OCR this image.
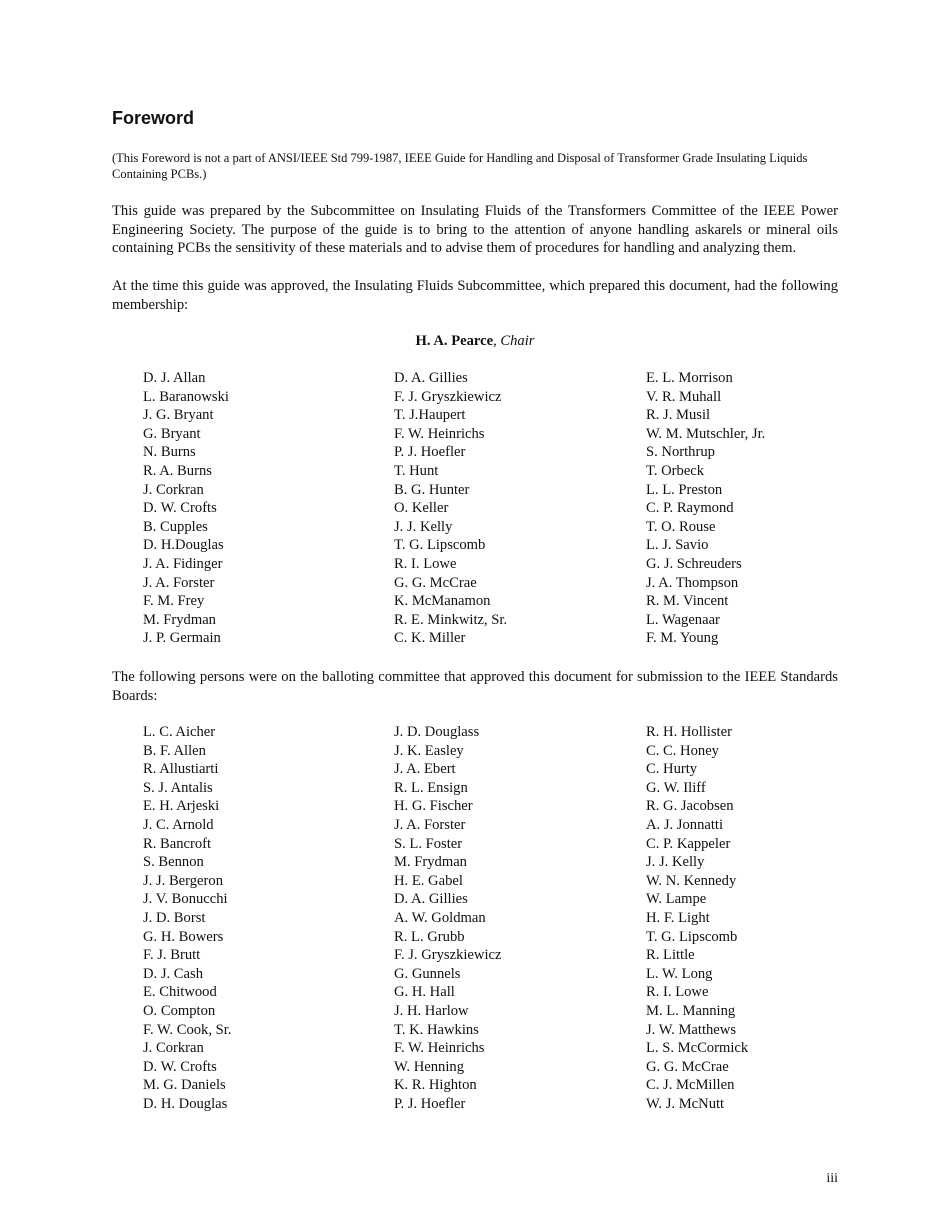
Foreword

(This Foreword is not a part of ANSI/IEEE Std 799-1987, IEEE Guide for Handling and Disposal of Transformer Grade Insulating Liquids Containing PCBs.)

This guide was prepared by the Subcommittee on Insulating Fluids of the Transformers Committee of the IEEE Power Engineering Society. The purpose of the guide is to bring to the attention of anyone handling askarels or mineral oils containing PCBs the sensitivity of these materials and to advise them of procedures for handling and analyzing them.

At the time this guide was approved, the Insulating Fluids Subcommittee, which prepared this document, had the following membership:

H. A. Pearce, Chair
D. J. Allan
L. Baranowski
J. G. Bryant
G. Bryant
N. Burns
R. A. Burns
J. Corkran
D. W. Crofts
B. Cupples
D. H.Douglas
J. A. Fidinger
J. A. Forster
F. M. Frey
M. Frydman
J. P. Germain
D. A. Gillies
F. J. Gryszkiewicz
T. J.Haupert
F. W. Heinrichs
P. J. Hoefler
T. Hunt
B. G. Hunter
O. Keller
J. J. Kelly
T. G. Lipscomb
R. I. Lowe
G. G. McCrae
K. McManamon
R. E. Minkwitz, Sr.
C. K. Miller
E. L. Morrison
V. R. Muhall
R. J. Musil
W. M. Mutschler, Jr.
S. Northrup
T. Orbeck
L. L. Preston
C. P. Raymond
T. O. Rouse
L. J. Savio
G. J. Schreuders
J. A. Thompson
R. M. Vincent
L. Wagenaar
F. M. Young

The following persons were on the balloting committee that approved this document for submission to the IEEE Standards Boards:

L. C. Aicher
B. F. Allen
R. Allustiarti
S. J. Antalis
E. H. Arjeski
J. C. Arnold
R. Bancroft
S. Bennon
J. J. Bergeron
J. V. Bonucchi
J. D. Borst
G. H. Bowers
F. J. Brutt
D. J. Cash
E. Chitwood
O. Compton
F. W. Cook, Sr.
J. Corkran
D. W. Crofts
M. G. Daniels
D. H. Douglas
J. D. Douglass
J. K. Easley
J. A. Ebert
R. L. Ensign
H. G. Fischer
J. A. Forster
S. L. Foster
M. Frydman
H. E. Gabel
D. A. Gillies
A. W. Goldman
R. L. Grubb
F. J. Gryszkiewicz
G. Gunnels
G. H. Hall
J. H. Harlow
T. K. Hawkins
F. W. Heinrichs
W. Henning
K. R. Highton
P. J. Hoefler
R. H. Hollister
C. C. Honey
C. Hurty
G. W. Iliff
R. G. Jacobsen
A. J. Jonnatti
C. P. Kappeler
J. J. Kelly
W. N. Kennedy
W. Lampe
H. F. Light
T. G. Lipscomb
R. Little
L. W. Long
R. I. Lowe
M. L. Manning
J. W. Matthews
L. S. McCormick
G. G. McCrae
C. J. McMillen
W. J. McNutt
iii
